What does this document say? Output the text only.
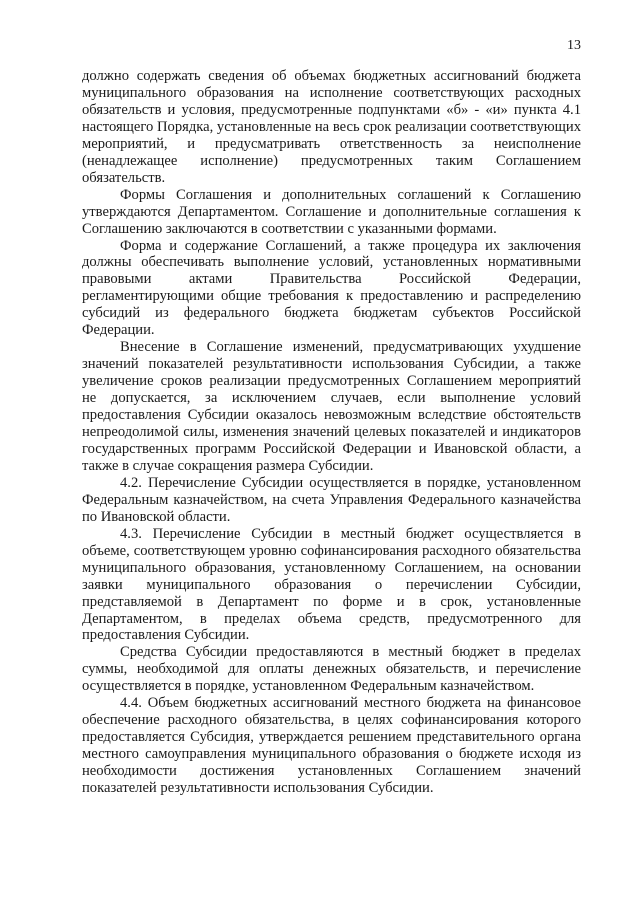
13

должно содержать сведения об объемах бюджетных ассигнований бюджета муниципального образования на исполнение соответствующих расходных обязательств и условия, предусмотренные подпунктами «б» - «и» пункта 4.1 настоящего Порядка, установленные на весь срок реализации соответствующих мероприятий, и предусматривать ответственность за неисполнение (ненадлежащее исполнение) предусмотренных таким Соглашением обязательств.

Формы Соглашения и дополнительных соглашений к Соглашению утверждаются Департаментом. Соглашение и дополнительные соглашения к Соглашению заключаются в соответствии с указанными формами.

Форма и содержание Соглашений, а также процедура их заключения должны обеспечивать выполнение условий, установленных нормативными правовыми актами Правительства Российской Федерации, регламентирующими общие требования к предоставлению и распределению субсидий из федерального бюджета бюджетам субъектов Российской Федерации.

Внесение в Соглашение изменений, предусматривающих ухудшение значений показателей результативности использования Субсидии, а также увеличение сроков реализации предусмотренных Соглашением мероприятий не допускается, за исключением случаев, если выполнение условий предоставления Субсидии оказалось невозможным вследствие обстоятельств непреодолимой силы, изменения значений целевых показателей и индикаторов государственных программ Российской Федерации и Ивановской области, а также в случае сокращения размера Субсидии.

4.2. Перечисление Субсидии осуществляется в порядке, установленном Федеральным казначейством, на счета Управления Федерального казначейства по Ивановской области.

4.3. Перечисление Субсидии в местный бюджет осуществляется в объеме, соответствующем уровню софинансирования расходного обязательства муниципального образования, установленному Соглашением, на основании заявки муниципального образования о перечислении Субсидии, представляемой в Департамент по форме и в срок, установленные Департаментом, в пределах объема средств, предусмотренного для предоставления Субсидии.

Средства Субсидии предоставляются в местный бюджет в пределах суммы, необходимой для оплаты денежных обязательств, и перечисление осуществляется в порядке, установленном Федеральным казначейством.

4.4. Объем бюджетных ассигнований местного бюджета на финансовое обеспечение расходного обязательства, в целях софинансирования которого предоставляется Субсидия, утверждается решением представительного органа местного самоуправления муниципального образования о бюджете исходя из необходимости достижения установленных Соглашением значений показателей результативности использования Субсидии.
